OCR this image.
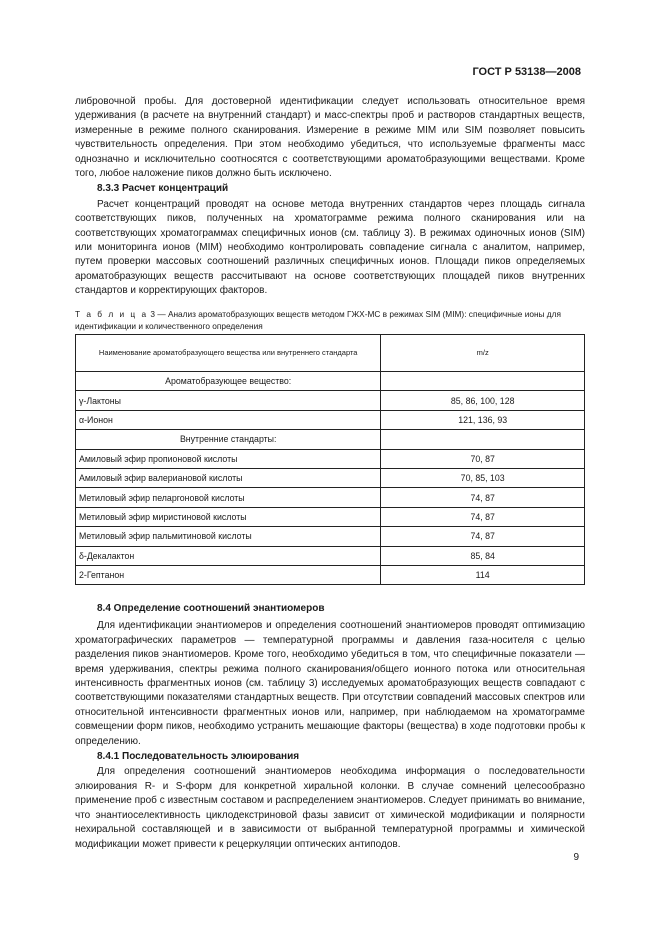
ГОСТ Р 53138—2008

либровочной пробы. Для достоверной идентификации следует использовать относительное время удерживания (в расчете на внутренний стандарт) и масс-спектры проб и растворов стандартных веществ, измеренные в режиме полного сканирования. Измерение в режиме MIM или SIM позволяет повысить чувствительность определения. При этом необходимо убедиться, что используемые фрагменты масс однозначно и исключительно соотносятся с соответствующими ароматобразующими веществами. Кроме того, любое наложение пиков должно быть исключено.

8.3.3 Расчет концентраций

Расчет концентраций проводят на основе метода внутренних стандартов через площадь сигнала соответствующих пиков, полученных на хроматограмме режима полного сканирования или на соответствующих хроматограммах специфичных ионов (см. таблицу 3). В режимах одиночных ионов (SIM) или мониторинга ионов (MIM) необходимо контролировать совпадение сигнала с аналитом, например, путем проверки массовых соотношений различных специфичных ионов. Площади пиков определяемых ароматобразующих веществ рассчитывают на основе соответствующих площадей пиков внутренних стандартов и корректирующих факторов.

Т а б л и ц а 3 — Анализ ароматобразующих веществ методом ГЖХ-МС в режимах SIM (MIM): специфичные ионы для идентификации и количественного определения
Наименование ароматобразующего вещества или внутреннего стандарта	m/z
Ароматобразующее вещество:	
γ-Лактоны	85, 86, 100, 128
α-Ионон	121, 136, 93
Внутренние стандарты:	
Амиловый эфир пропионовой кислоты	70, 87
Амиловый эфир валериановой кислоты	70, 85, 103
Метиловый эфир пеларгоновой кислоты	74, 87
Метиловый эфир миристиновой кислоты	74, 87
Метиловый эфир пальмитиновой кислоты	74, 87
δ-Декалактон	85, 84
2-Гептанон	114

8.4 Определение соотношений энантиомеров

Для идентификации энантиомеров и определения соотношений энантиомеров проводят оптимизацию хроматографических параметров — температурной программы и давления газа-носителя с целью разделения пиков энантиомеров. Кроме того, необходимо убедиться в том, что специфичные показатели — время удерживания, спектры режима полного сканирования/общего ионного потока или относительная интенсивность фрагментных ионов (см. таблицу 3) исследуемых ароматобразующих веществ совпадают с соответствующими показателями стандартных веществ. При отсутствии совпадений массовых спектров или относительной интенсивности фрагментных ионов или, например, при наблюдаемом на хроматограмме совмещении форм пиков, необходимо устранить мешающие факторы (вещества) в ходе подготовки пробы к определению.

8.4.1 Последовательность элюирования

Для определения соотношений энантиомеров необходима информация о последовательности элюирования R- и S-форм для конкретной хиральной колонки. В случае сомнений целесообразно применение проб с известным составом и распределением энантиомеров. Следует принимать во внимание, что энантиоселективность циклодекстриновой фазы зависит от химической модификации и полярности нехиральной составляющей и в зависимости от выбранной температурной программы и химической модификации может привести к рецеркуляции оптических антиподов.

9
